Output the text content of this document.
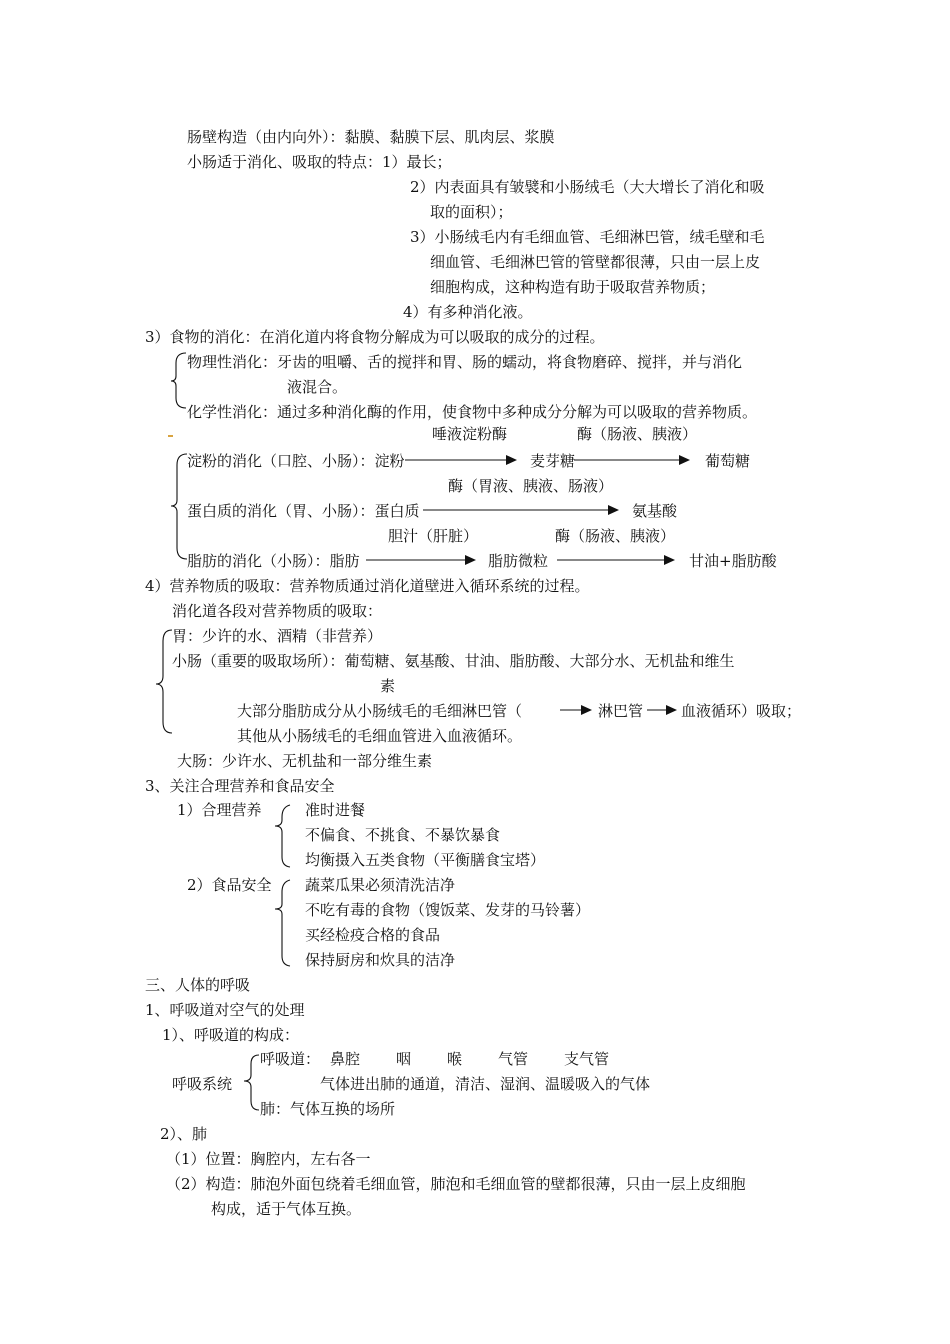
肠壁构造（由内向外）：黏膜、黏膜下层、肌肉层、浆膜
小肠适于消化、吸取的特点：1）最长；
2）内表面具有皱襞和小肠绒毛（大大增长了消化和吸
取的面积）；
3）小肠绒毛内有毛细血管、毛细淋巴管，绒毛壁和毛
细血管、毛细淋巴管的管壁都很薄，只由一层上皮
细胞构成，这种构造有助于吸取营养物质；
4）有多种消化液。
3）食物的消化：在消化道内将食物分解成为可以吸取的成分的过程。
物理性消化：牙齿的咀嚼、舌的搅拌和胃、肠的蠕动，将食物磨碎、搅拌，并与消化
液混合。
化学性消化：通过多种消化酶的作用，使食物中多种成分分解为可以吸取的营养物质。
唾液淀粉酶	酶（肠液、胰液）
淀粉的消化（口腔、小肠）：淀粉	麦芽糖	葡萄糖
酶（胃液、胰液、肠液）
蛋白质的消化（胃、小肠）：蛋白质	氨基酸
胆汁（肝脏）	酶（肠液、胰液）
脂肪的消化（小肠）：脂肪	脂肪微粒	甘油+脂肪酸
4）营养物质的吸取：营养物质通过消化道壁进入循环系统的过程。
消化道各段对营养物质的吸取：
胃：少许的水、酒精（非营养）
小肠（重要的吸取场所）：葡萄糖、氨基酸、甘油、脂肪酸、大部分水、无机盐和维生
素
大部分脂肪成分从小肠绒毛的毛细淋巴管（	淋巴管	血液循环）吸取；
其他从小肠绒毛的毛细血管进入血液循环。
大肠：少许水、无机盐和一部分维生素
3、关注合理营养和食品安全
1）合理营养	准时进餐
不偏食、不挑食、不暴饮暴食
均衡摄入五类食物（平衡膳食宝塔）
2）食品安全 蔬菜瓜果必须清洗洁净
不吃有毒的食物（馊饭菜、发芽的马铃薯）
买经检疫合格的食品
保持厨房和炊具的洁净
三、人体的呼吸
1、呼吸道对空气的处理
1）、呼吸道的构成：
呼吸道： 鼻腔 咽 喉 气管 支气管
呼吸系统	气体进出肺的通道，清洁、湿润、温暖吸入的气体
肺：气体互换的场所
2）、肺
（1）位置：胸腔内，左右各一
（2）构造：肺泡外面包绕着毛细血管，肺泡和毛细血管的壁都很薄，只由一层上皮细胞
构成，适于气体互换。
